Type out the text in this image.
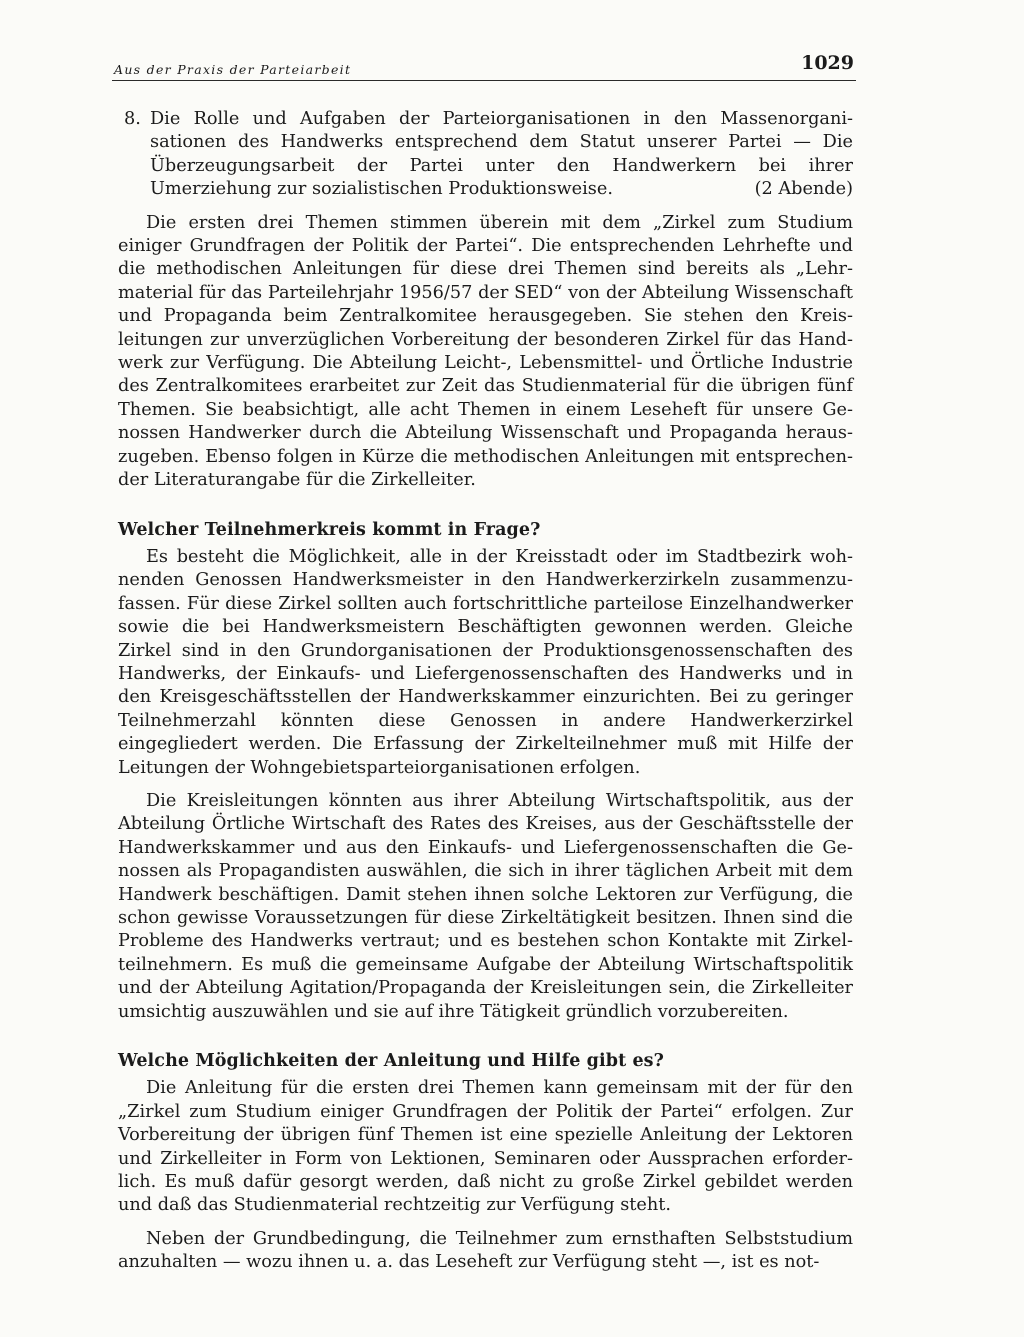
Aus der Praxis der Parteiarbeit	1029
8. Die Rolle und Aufgaben der Parteiorganisationen in den Massenorganisationen des Handwerks entsprechend dem Statut unserer Partei — Die Überzeugungsarbeit der Partei unter den Handwerkern bei ihrer Umerziehung zur sozialistischen Produktionsweise.	(2 Abende)

Die ersten drei Themen stimmen überein mit dem „Zirkel zum Studium einiger Grundfragen der Politik der Partei“. Die entsprechenden Lehrhefte und die methodischen Anleitungen für diese drei Themen sind bereits als „Lehrmaterial für das Parteilehrjahr 1956/57 der SED“ von der Abteilung Wissenschaft und Propaganda beim Zentralkomitee herausgegeben. Sie stehen den Kreisleitungen zur unverzüglichen Vorbereitung der besonderen Zirkel für das Handwerk zur Verfügung. Die Abteilung Leicht-, Lebensmittel- und Örtliche Industrie des Zentralkomitees erarbeitet zur Zeit das Studienmaterial für die übrigen fünf Themen. Sie beabsichtigt, alle acht Themen in einem Leseheft für unsere Genossen Handwerker durch die Abteilung Wissenschaft und Propaganda herauszugeben. Ebenso folgen in Kürze die methodischen Anleitungen mit entsprechender Literaturangabe für die Zirkelleiter.

Welcher Teilnehmerkreis kommt in Frage?

Es besteht die Möglichkeit, alle in der Kreisstadt oder im Stadtbezirk wohnenden Genossen Handwerksmeister in den Handwerkerzirkeln zusammenzufassen. Für diese Zirkel sollten auch fortschrittliche parteilose Einzelhandwerker sowie die bei Handwerksmeistern Beschäftigten gewonnen werden. Gleiche Zirkel sind in den Grundorganisationen der Produktionsgenossenschaften des Handwerks, der Einkaufs- und Liefergenossenschaften des Handwerks und in den Kreisgeschäftsstellen der Handwerkskammer einzurichten. Bei zu geringer Teilnehmerzahl könnten diese Genossen in andere Handwerkerzirkel eingegliedert werden. Die Erfassung der Zirkelteilnehmer muß mit Hilfe der Leitungen der Wohngebietsparteiorganisationen erfolgen.

Die Kreisleitungen könnten aus ihrer Abteilung Wirtschaftspolitik, aus der Abteilung Örtliche Wirtschaft des Rates des Kreises, aus der Geschäftsstelle der Handwerkskammer und aus den Einkaufs- und Liefergenossenschaften die Genossen als Propagandisten auswählen, die sich in ihrer täglichen Arbeit mit dem Handwerk beschäftigen. Damit stehen ihnen solche Lektoren zur Verfügung, die schon gewisse Voraussetzungen für diese Zirkeltätigkeit besitzen. Ihnen sind die Probleme des Handwerks vertraut; und es bestehen schon Kontakte mit Zirkelteilnehmern. Es muß die gemeinsame Aufgabe der Abteilung Wirtschaftspolitik und der Abteilung Agitation/Propaganda der Kreisleitungen sein, die Zirkelleiter umsichtig auszuwählen und sie auf ihre Tätigkeit gründlich vorzubereiten.

Welche Möglichkeiten der Anleitung und Hilfe gibt es?

Die Anleitung für die ersten drei Themen kann gemeinsam mit der für den „Zirkel zum Studium einiger Grundfragen der Politik der Partei“ erfolgen. Zur Vorbereitung der übrigen fünf Themen ist eine spezielle Anleitung der Lektoren und Zirkelleiter in Form von Lektionen, Seminaren oder Aussprachen erforderlich. Es muß dafür gesorgt werden, daß nicht zu große Zirkel gebildet werden und daß das Studienmaterial rechtzeitig zur Verfügung steht.

Neben der Grundbedingung, die Teilnehmer zum ernsthaften Selbststudium anzuhalten — wozu ihnen u. a. das Leseheft zur Verfügung steht —, ist es not-
